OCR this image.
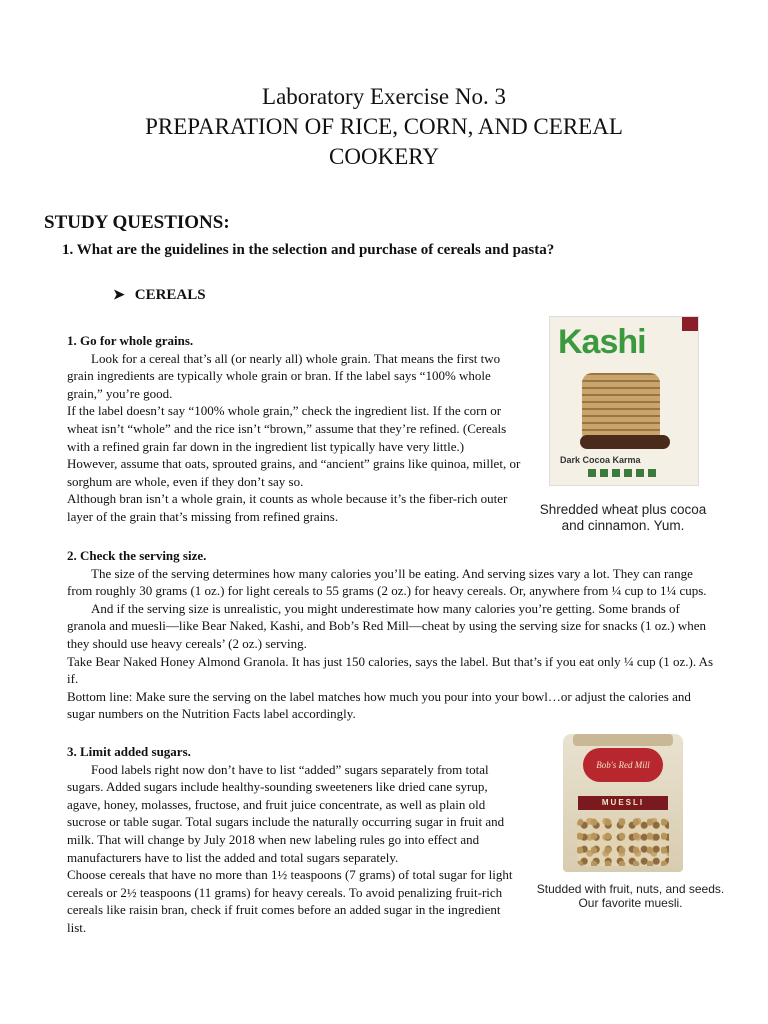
Laboratory Exercise No. 3
PREPARATION OF RICE, CORN, AND CEREAL
COOKERY
STUDY QUESTIONS:
1. What are the guidelines in the selection and purchase of cereals and pasta?
➤ CEREALS

1. Go for whole grains.

Look for a cereal that’s all (or nearly all) whole grain. That means the first two grain ingredients are typically whole grain or bran. If the label says “100% whole grain,” you’re good.

If the label doesn’t say “100% whole grain,” check the ingredient list. If the corn or wheat isn’t “whole” and the rice isn’t “brown,” assume that they’re refined. (Cereals with a refined grain far down in the ingredient list typically have very little.)

However, assume that oats, sprouted grains, and “ancient” grains like quinoa, millet, or sorghum are whole, even if they don’t say so.

Although bran isn’t a whole grain, it counts as whole because it’s the fiber-rich outer layer of the grain that’s missing from refined grains.

2. Check the serving size.

The size of the serving determines how many calories you’ll be eating. And serving sizes vary a lot. They can range from roughly 30 grams (1 oz.) for light cereals to 55 grams (2 oz.) for heavy cereals. Or, anywhere from ¼ cup to 1¼ cups.

And if the serving size is unrealistic, you might underestimate how many calories you’re getting. Some brands of granola and muesli—like Bear Naked, Kashi, and Bob’s Red Mill—cheat by using the serving size for snacks (1 oz.) when they should use heavy cereals’ (2 oz.) serving.

Take Bear Naked Honey Almond Granola. It has just 150 calories, says the label. But that’s if you eat only ¼ cup (1 oz.). As if.

Bottom line: Make sure the serving on the label matches how much you pour into your bowl…or adjust the calories and sugar numbers on the Nutrition Facts label accordingly.

3. Limit added sugars.

Food labels right now don’t have to list “added” sugars separately from total sugars. Added sugars include healthy-sounding sweeteners like dried cane syrup, agave, honey, molasses, fructose, and fruit juice concentrate, as well as plain old sucrose or table sugar. Total sugars include the naturally occurring sugar in fruit and milk. That will change by July 2018 when new labeling rules go into effect and manufacturers have to list the added and total sugars separately.

Choose cereals that have no more than 1½ teaspoons (7 grams) of total sugar for light cereals or 2½ teaspoons (11 grams) for heavy cereals. To avoid penalizing fruit-rich cereals like raisin bran, check if fruit comes before an added sugar in the ingredient list.

Kashi
Dark Cocoa Karma
Shredded wheat plus cocoa and cinnamon. Yum.
Bob's Red Mill
MUESLI
Studded with fruit, nuts, and seeds. Our favorite muesli.
